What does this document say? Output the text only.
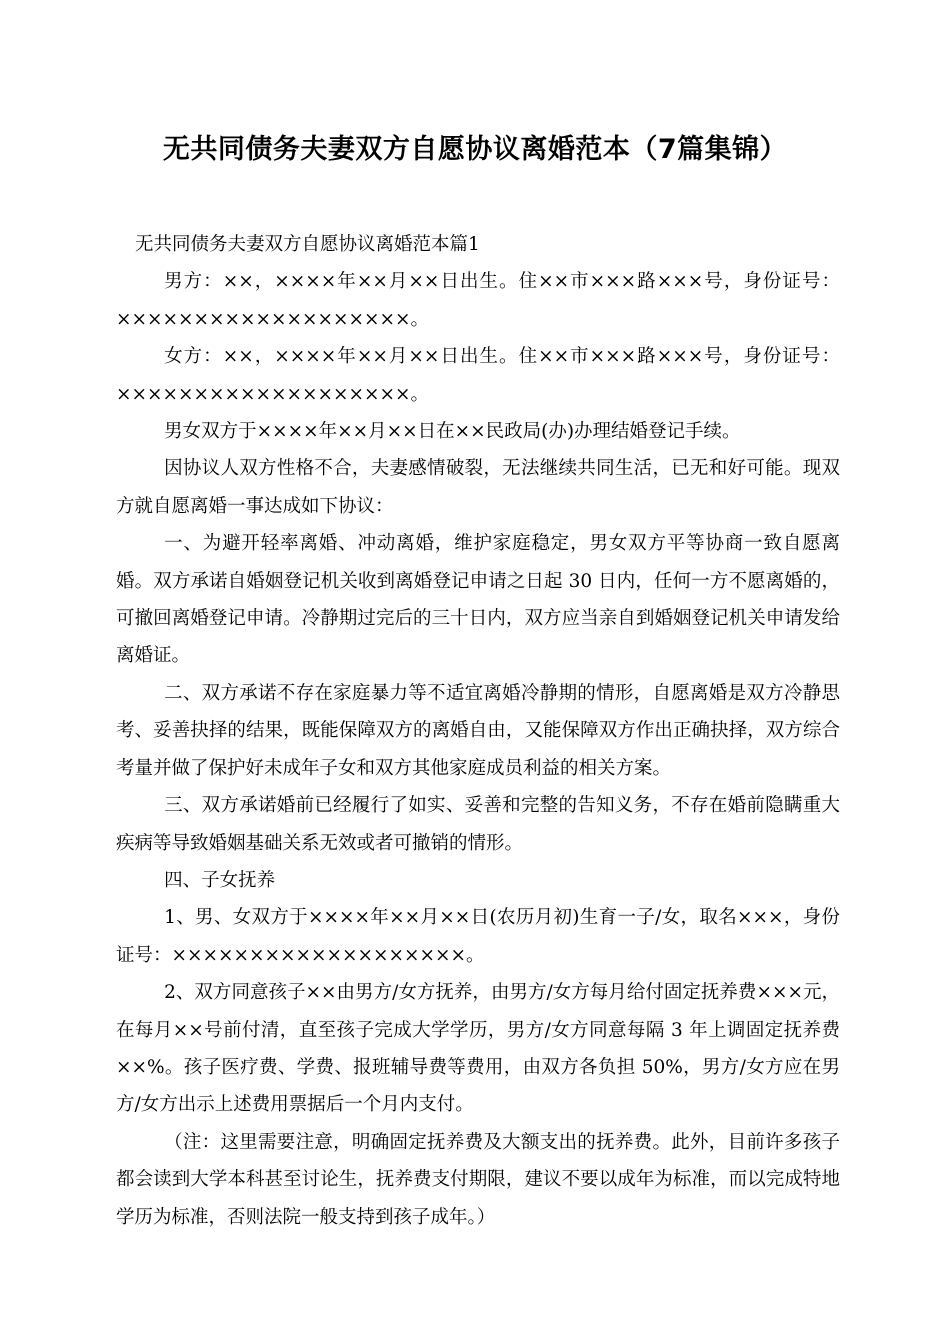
无共同债务夫妻双方自愿协议离婚范本（7篇集锦）

无共同债务夫妻双方自愿协议离婚范本篇1

男方：××，××××年××月××日出生。住××市×××路×××号，身份证号：×××××××××××××××××××。

女方：××，××××年××月××日出生。住××市×××路×××号，身份证号：×××××××××××××××××××。

男女双方于××××年××月××日在××民政局(办)办理结婚登记手续。

因协议人双方性格不合，夫妻感情破裂，无法继续共同生活，已无和好可能。现双方就自愿离婚一事达成如下协议：

一、为避开轻率离婚、冲动离婚，维护家庭稳定，男女双方平等协商一致自愿离婚。双方承诺自婚姻登记机关收到离婚登记申请之日起 30 日内，任何一方不愿离婚的，可撤回离婚登记申请。冷静期过完后的三十日内，双方应当亲自到婚姻登记机关申请发给离婚证。

二、双方承诺不存在家庭暴力等不适宜离婚冷静期的情形，自愿离婚是双方冷静思考、妥善抉择的结果，既能保障双方的离婚自由，又能保障双方作出正确抉择，双方综合考量并做了保护好未成年子女和双方其他家庭成员利益的相关方案。

三、双方承诺婚前已经履行了如实、妥善和完整的告知义务，不存在婚前隐瞒重大疾病等导致婚姻基础关系无效或者可撤销的情形。

四、子女抚养

1、男、女双方于××××年××月××日(农历月初)生育一子/女，取名×××，身份证号：×××××××××××××××××××。

2、双方同意孩子××由男方/女方抚养，由男方/女方每月给付固定抚养费×××元，在每月××号前付清，直至孩子完成大学学历，男方/女方同意每隔 3 年上调固定抚养费××%。孩子医疗费、学费、报班辅导费等费用，由双方各负担 50%，男方/女方应在男方/女方出示上述费用票据后一个月内支付。

（注：这里需要注意，明确固定抚养费及大额支出的抚养费。此外，目前许多孩子都会读到大学本科甚至讨论生，抚养费支付期限，建议不要以成年为标准，而以完成特地学历为标准，否则法院一般支持到孩子成年。）
